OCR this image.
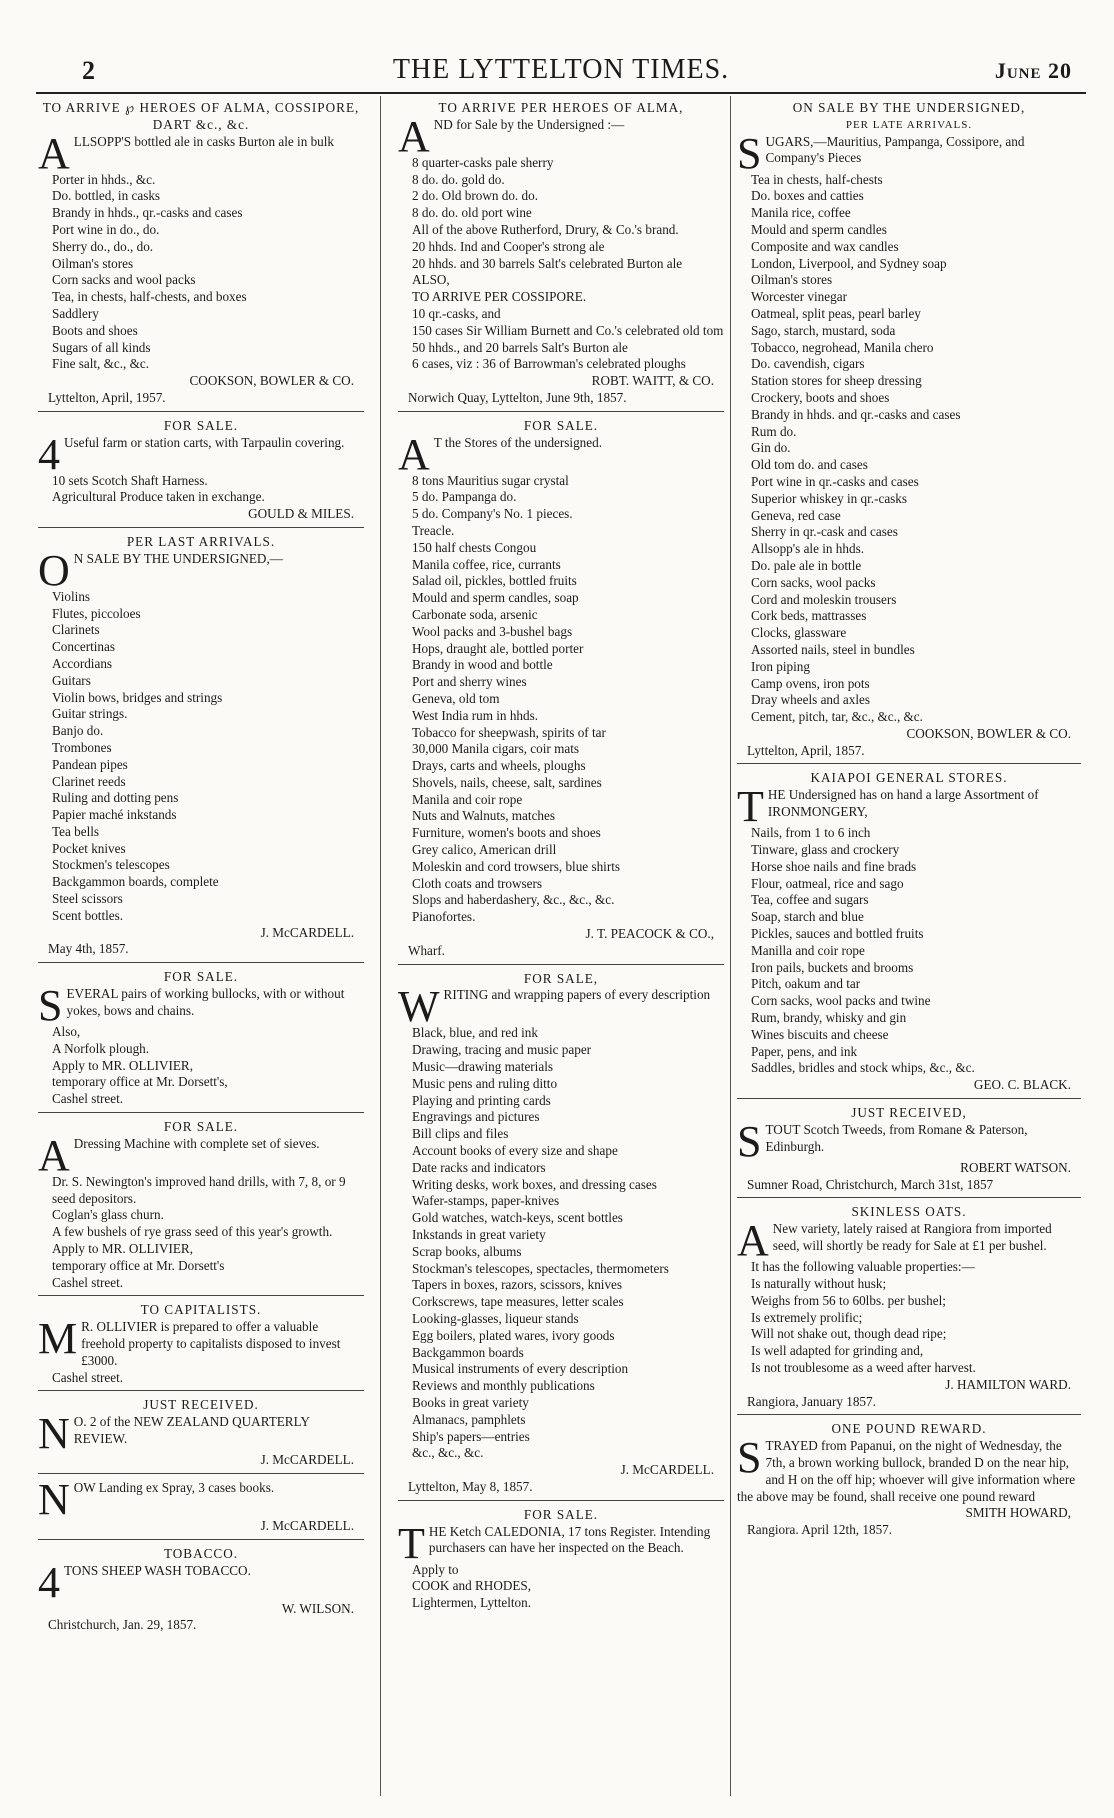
2	THE LYTTELTON TIMES.	June 20
TO ARRIVE ℘ HEROES OF ALMA, COSSIPORE, DART &c., &c.

ALLSOPP'S bottled ale in casks Burton ale in bulk

Porter in hhds., &c.
Do. bottled, in casks
Brandy in hhds., qr.-casks and cases
Port wine in do., do.
Sherry do., do., do.
Oilman's stores
Corn sacks and wool packs
Tea, in chests, half-chests, and boxes
Saddlery
Boots and shoes
Sugars of all kinds
Fine salt, &c., &c.

COOKSON, BOWLER & CO.

Lyttelton, April, 1957.

FOR SALE.

4 Useful farm or station carts, with Tarpaulin covering.

10 sets Scotch Shaft Harness.
Agricultural Produce taken in exchange.

GOULD & MILES.

PER LAST ARRIVALS.

O N SALE BY THE UNDERSIGNED,—

Violins
Flutes, piccoloes
Clarinets
Concertinas
Accordians
Guitars
Violin bows, bridges and strings
Guitar strings.
Banjo do.
Trombones
Pandean pipes
Clarinet reeds
Ruling and dotting pens
Papier maché inkstands
Tea bells
Pocket knives
Stockmen's telescopes
Backgammon boards, complete
Steel scissors
Scent bottles.

J. McCARDELL.

May 4th, 1857.

FOR SALE.

SEVERAL pairs of working bullocks, with or without yokes, bows and chains.

Also,
A Norfolk plough.
Apply to MR. OLLIVIER,
temporary office at Mr. Dorsett's,
Cashel street.
FOR SALE.

A Dressing Machine with complete set of sieves.

Dr. S. Newington's improved hand drills, with 7, 8, or 9 seed depositors.
Coglan's glass churn.
A few bushels of rye grass seed of this year's growth.
Apply to MR. OLLIVIER,
temporary office at Mr. Dorsett's
Cashel street.
TO CAPITALISTS.

M R. OLLIVIER is prepared to offer a valuable freehold property to capitalists disposed to invest £3000.

Cashel street.
JUST RECEIVED.

N O. 2 of the NEW ZEALAND QUARTERLY REVIEW.

J. McCARDELL.

NOW Landing ex Spray, 3 cases books.

J. McCARDELL.

TOBACCO.

4 TONS SHEEP WASH TOBACCO.

W. WILSON.

Christchurch, Jan. 29, 1857.

TO ARRIVE PER HEROES OF ALMA,

AND for Sale by the Undersigned :—

8 quarter-casks pale sherry
8 do. do. gold do.
2 do. Old brown do. do.
8 do. do. old port wine
All of the above Rutherford, Drury, & Co.'s brand.
20 hhds. Ind and Cooper's strong ale
20 hhds. and 30 barrels Salt's celebrated Burton ale
ALSO,
TO ARRIVE PER COSSIPORE.
10 qr.-casks, and
150 cases Sir William Burnett and Co.'s celebrated old tom
50 hhds., and 20 barrels Salt's Burton ale
6 cases, viz : 36 of Barrowman's celebrated ploughs

ROBT. WAITT, & CO.

Norwich Quay, Lyttelton, June 9th, 1857.

FOR SALE.

A T the Stores of the undersigned.

8 tons Mauritius sugar crystal
5 do. Pampanga do.
5 do. Company's No. 1 pieces.
Treacle.
150 half chests Congou
Manila coffee, rice, currants
Salad oil, pickles, bottled fruits
Mould and sperm candles, soap
Carbonate soda, arsenic
Wool packs and 3-bushel bags
Hops, draught ale, bottled porter
Brandy in wood and bottle
Port and sherry wines
Geneva, old tom
West India rum in hhds.
Tobacco for sheepwash, spirits of tar
30,000 Manila cigars, coir mats
Drays, carts and wheels, ploughs
Shovels, nails, cheese, salt, sardines
Manila and coir rope
Nuts and Walnuts, matches
Furniture, women's boots and shoes
Grey calico, American drill
Moleskin and cord trowsers, blue shirts
Cloth coats and trowsers
Slops and haberdashery, &c., &c., &c.
Pianofortes.

J. T. PEACOCK & CO.,

Wharf.

FOR SALE,

WRITING and wrapping papers of every description

Black, blue, and red ink
Drawing, tracing and music paper
Music—drawing materials
Music pens and ruling ditto
Playing and printing cards
Engravings and pictures
Bill clips and files
Account books of every size and shape
Date racks and indicators
Writing desks, work boxes, and dressing cases
Wafer-stamps, paper-knives
Gold watches, watch-keys, scent bottles
Inkstands in great variety
Scrap books, albums
Stockman's telescopes, spectacles, thermometers
Tapers in boxes, razors, scissors, knives
Corkscrews, tape measures, letter scales
Looking-glasses, liqueur stands
Egg boilers, plated wares, ivory goods
Backgammon boards
Musical instruments of every description
Reviews and monthly publications
Books in great variety
Almanacs, pamphlets
Ship's papers—entries
&c., &c., &c.

J. McCARDELL.

Lyttelton, May 8, 1857.

FOR SALE.

THE Ketch CALEDONIA, 17 tons Register. Intending purchasers can have her inspected on the Beach.

Apply to
COOK and RHODES,
Lightermen, Lyttelton.
ON SALE BY THE UNDERSIGNED,
PER LATE ARRIVALS.

SUGARS,—Mauritius, Pampanga, Cossipore, and Company's Pieces

Tea in chests, half-chests
Do. boxes and catties
Manila rice, coffee
Mould and sperm candles
Composite and wax candles
London, Liverpool, and Sydney soap
Oilman's stores
Worcester vinegar
Oatmeal, split peas, pearl barley
Sago, starch, mustard, soda
Tobacco, negrohead, Manila chero
Do. cavendish, cigars
Station stores for sheep dressing
Crockery, boots and shoes
Brandy in hhds. and qr.-casks and cases
Rum do.
Gin do.
Old tom do. and cases
Port wine in qr.-casks and cases
Superior whiskey in qr.-casks
Geneva, red case
Sherry in qr.-cask and cases
Allsopp's ale in hhds.
Do. pale ale in bottle
Corn sacks, wool packs
Cord and moleskin trousers
Cork beds, mattrasses
Clocks, glassware
Assorted nails, steel in bundles
Iron piping
Camp ovens, iron pots
Dray wheels and axles
Cement, pitch, tar, &c., &c., &c.

COOKSON, BOWLER & CO.

Lyttelton, April, 1857.

KAIAPOI GENERAL STORES.

THE Undersigned has on hand a large Assortment of IRONMONGERY,

Nails, from 1 to 6 inch
Tinware, glass and crockery
Horse shoe nails and fine brads
Flour, oatmeal, rice and sago
Tea, coffee and sugars
Soap, starch and blue
Pickles, sauces and bottled fruits
Manilla and coir rope
Iron pails, buckets and brooms
Pitch, oakum and tar
Corn sacks, wool packs and twine
Rum, brandy, whisky and gin
Wines biscuits and cheese
Paper, pens, and ink
Saddles, bridles and stock whips, &c., &c.

GEO. C. BLACK.

JUST RECEIVED,

STOUT Scotch Tweeds, from Romane & Paterson, Edinburgh.

ROBERT WATSON.

Sumner Road, Christchurch, March 31st, 1857

SKINLESS OATS.

A New variety, lately raised at Rangiora from imported seed, will shortly be ready for Sale at £1 per bushel.

It has the following valuable properties:—
Is naturally without husk;
Weighs from 56 to 60lbs. per bushel;
Is extremely prolific;
Will not shake out, though dead ripe;
Is well adapted for grinding and,
Is not troublesome as a weed after harvest.

J. HAMILTON WARD.

Rangiora, January 1857.

ONE POUND REWARD.

STRAYED from Papanui, on the night of Wednesday, the 7th, a brown working bullock, branded D on the near hip, and H on the off hip; whoever will give information where the above may be found, shall receive one pound reward

SMITH HOWARD,

Rangiora. April 12th, 1857.
